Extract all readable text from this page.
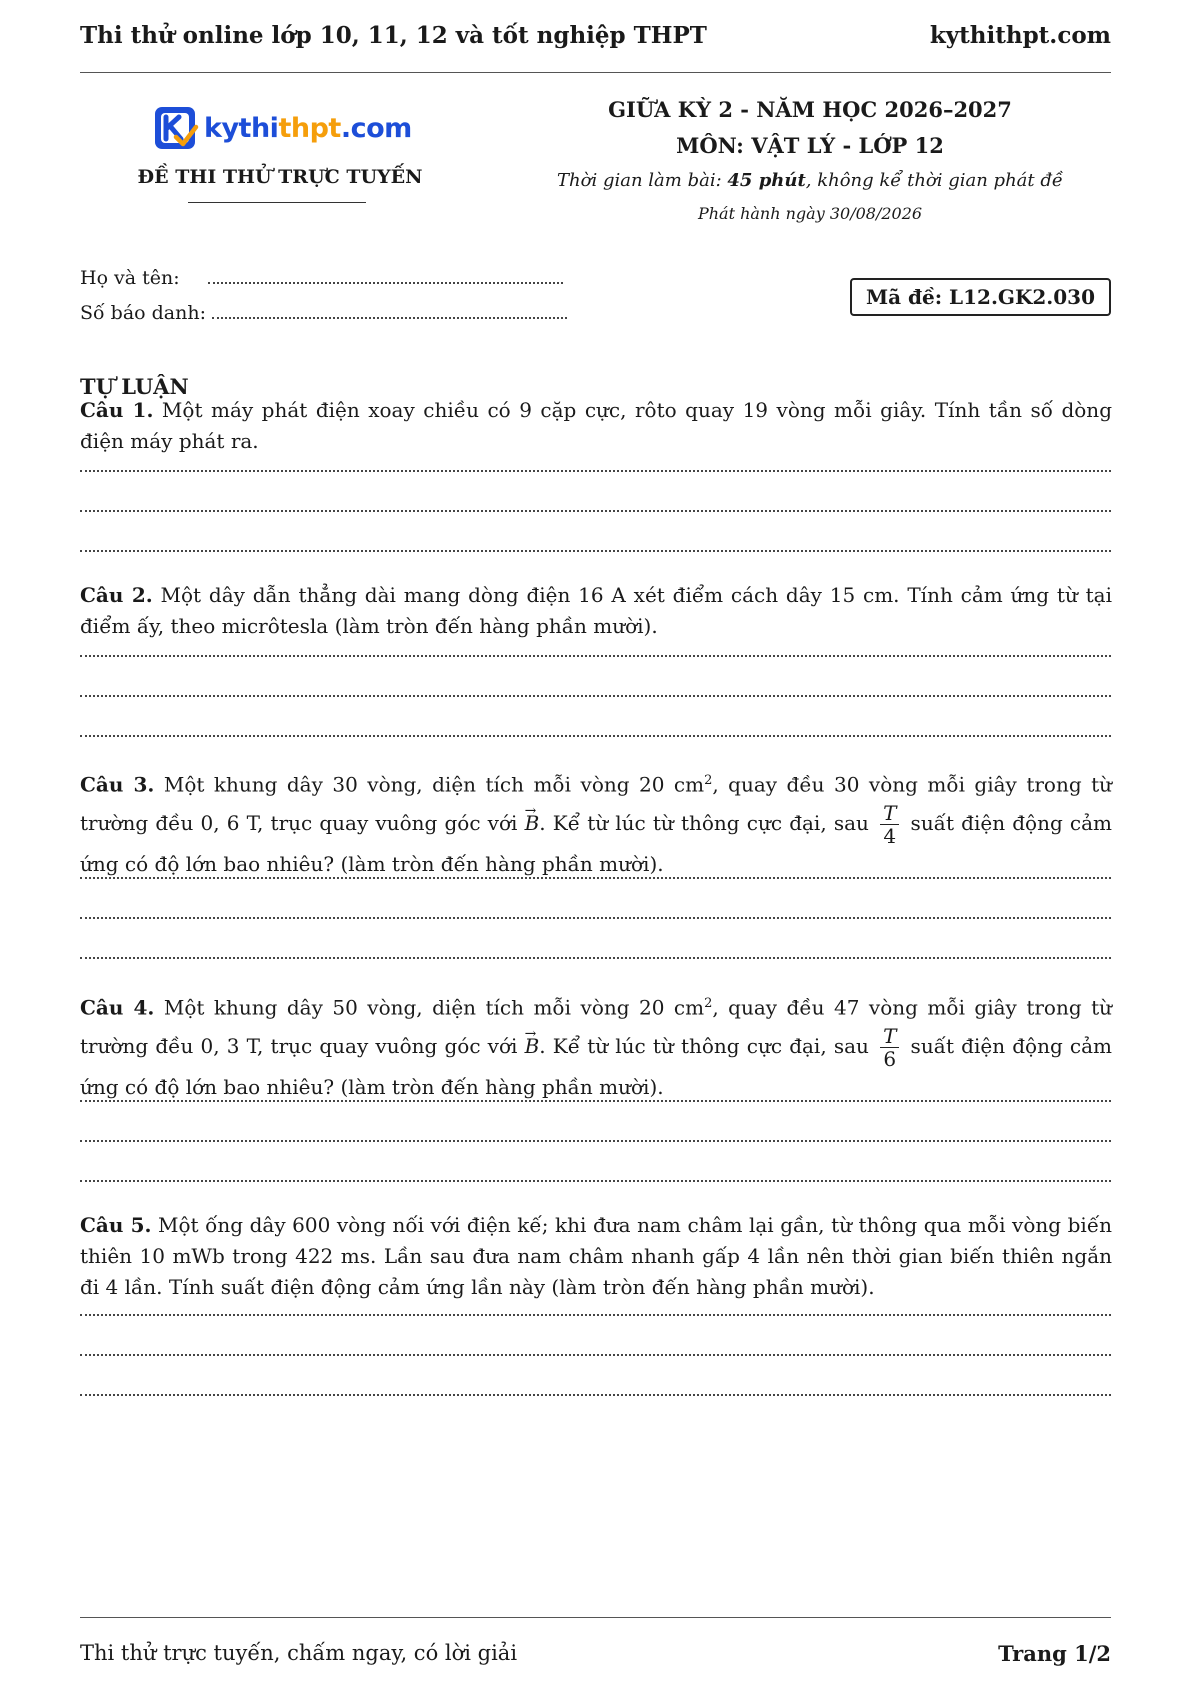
Thi thử online lớp 10, 11, 12 và tốt nghiệp THPT	kythithpt.com
kythithpt.com
ĐỀ THI THỬ TRỰC TUYẾN
GIỮA KỲ 2 - NĂM HỌC 2026–2027
MÔN: VẬT LÝ - LỚP 12
Thời gian làm bài: 45 phút, không kể thời gian phát đề
Phát hành ngày 30/08/2026
Họ và tên:
Số báo danh:
Mã đề: L12.GK2.030
TỰ LUẬN
Câu 1. Một máy phát điện xoay chiều có 9 cặp cực, rôto quay 19 vòng mỗi giây. Tính tần số dòng điện máy phát ra.
Câu 2. Một dây dẫn thẳng dài mang dòng điện 16 A xét điểm cách dây 15 cm. Tính cảm ứng từ tại điểm ấy, theo micrôtesla (làm tròn đến hàng phần mười).
Câu 3. Một khung dây 30 vòng, diện tích mỗi vòng 20 $cm^2$, quay đều 30 vòng mỗi giây trong từ trường đều 0, 6 T, trục quay vuông góc với → B. Kể từ lúc từ thông cực đại, sau $\frac{T}{4}$ suất điện động cảm ứng có độ lớn bao nhiêu? (làm tròn đến hàng phần mười).
Câu 4. Một khung dây 50 vòng, diện tích mỗi vòng 20 $cm^2$, quay đều 47 vòng mỗi giây trong từ trường đều 0, 3 T, trục quay vuông góc với → B. Kể từ lúc từ thông cực đại, sau $\frac{T}{6}$ suất điện động cảm ứng có độ lớn bao nhiêu? (làm tròn đến hàng phần mười).
Câu 5. Một ống dây 600 vòng nối với điện kế; khi đưa nam châm lại gần, từ thông qua mỗi vòng biến thiên 10 mWb trong 422 ms. Lần sau đưa nam châm nhanh gấp 4 lần nên thời gian biến thiên ngắn đi 4 lần. Tính suất điện động cảm ứng lần này (làm tròn đến hàng phần mười).
Thi thử trực tuyến, chấm ngay, có lời giải	Trang 1/2
